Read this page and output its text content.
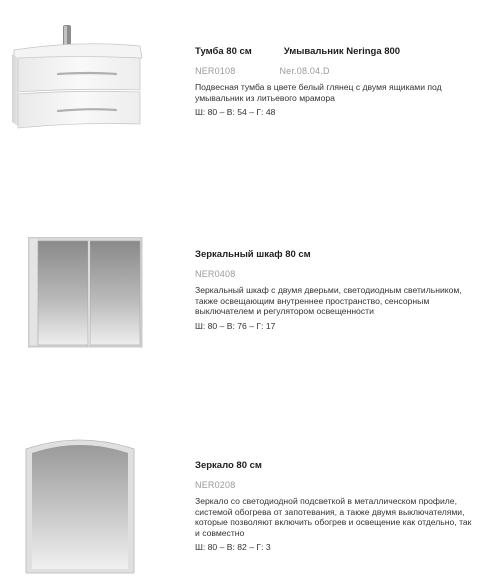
Тумба 80 см	Умывальник Neringa 800
NER0108	Ner.08.04.D
Подвесная тумба в цвете белый глянец с двумя ящиками под умывальник из литьевого мрамора
Ш: 80 – В: 54 – Г: 48
Зеркальный шкаф 80 см
NER0408
Зеркальный шкаф с двумя дверьми, светодиодным светильником, также освещающим внутреннее пространство, сенсорным выключателем и регулятором освещенности
Ш: 80 – В: 76 – Г: 17
Зеркало 80 см
NER0208
Зеркало со светодиодной подсветкой в металлическом профиле, системой обогрева от запотевания, а также двумя выключателями, которые позволяют включить обогрев и освещение как отдельно, так и совместно
Ш: 80 – В: 82 – Г: 3
